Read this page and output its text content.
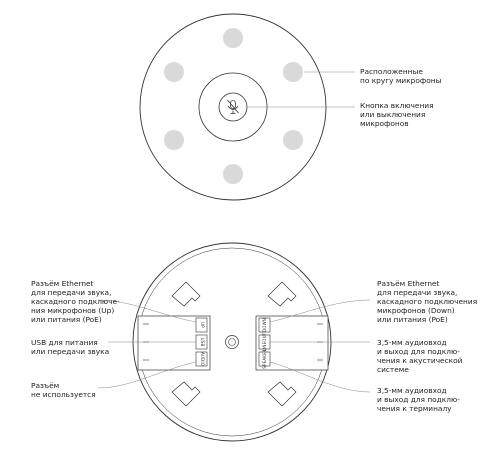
UP
USB
AUDIO
DOWN
LINEOUT
SPEAKER
Расположенные
по кругу микрофоны
Кнопка включения
или выключения
микрофонов
Разъём Ethernet
для передачи звука,
каскадного подключе-
ния микрофонов (Up)
или питания (PoE)
USB для питания
или передачи звука
Разъём
не используется
Разъём Ethernet
для передачи звука,
каскадного подключения
микрофонов (Down)
или питания (PoE)
3,5-мм аудиовход
и выход для подклю-
чения к акустической
системе
3,5-мм аудиовход
и выход для подклю-
чения к терминалу
